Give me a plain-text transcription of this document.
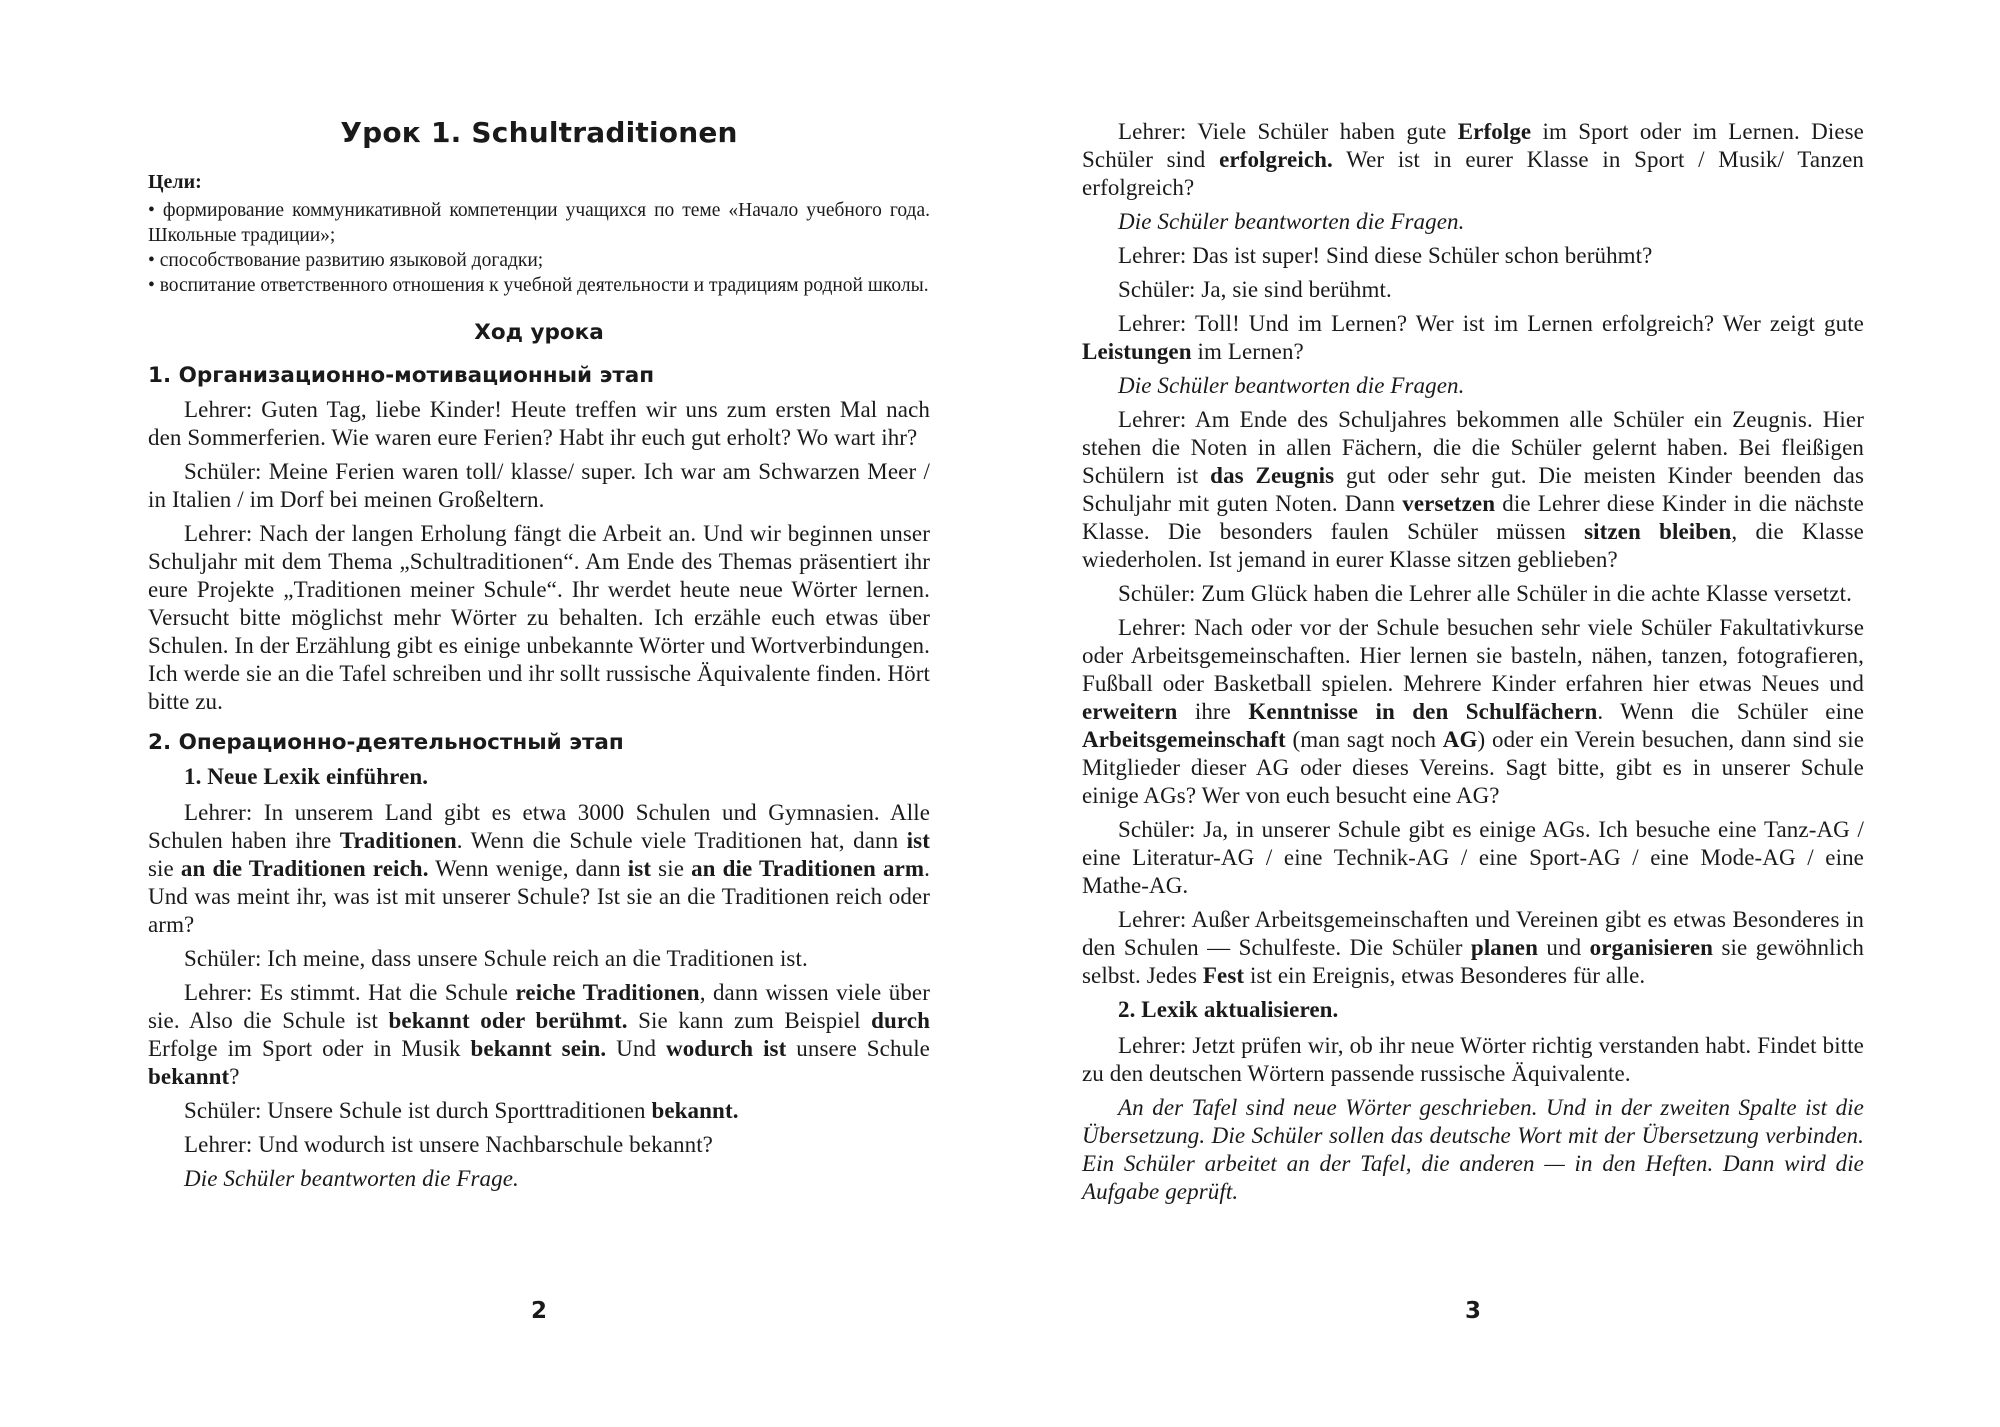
Урок 1. Schultraditionen
Цели:

• формирование коммуникативной компетенции учащихся по теме «Начало учебного года. Школьные традиции»;

• способствование развитию языковой догадки;

• воспитание ответственного отношения к учебной деятельности и традициям родной школы.

Ход урока
1. Организационно-мотивационный этап

Lehrer: Guten Tag, liebe Kinder! Heute treffen wir uns zum ersten Mal nach den Sommerferien. Wie waren eure Ferien? Habt ihr euch gut erholt? Wo wart ihr?

Schüler: Meine Ferien waren toll/ klasse/ super. Ich war am Schwarzen Meer / in Italien / im Dorf bei meinen Großeltern.

Lehrer: Nach der langen Erholung fängt die Arbeit an. Und wir beginnen unser Schuljahr mit dem Thema „Schultraditionen“. Am Ende des Themas präsentiert ihr eure Projekte „Traditionen meiner Schule“. Ihr werdet heute neue Wörter lernen. Versucht bitte möglichst mehr Wörter zu behalten. Ich erzähle euch etwas über Schulen. In der Erzählung gibt es einige unbekannte Wörter und Wortverbindungen. Ich werde sie an die Tafel schreiben und ihr sollt russische Äquivalente finden. Hört bitte zu.

2. Операционно-деятельностный этап

1. Neue Lexik einführen.

Lehrer: In unserem Land gibt es etwa 3000 Schulen und Gymnasien. Alle Schulen haben ihre Traditionen. Wenn die Schule viele Traditionen hat, dann ist sie an die Traditionen reich. Wenn wenige, dann ist sie an die Traditionen arm. Und was meint ihr, was ist mit unserer Schule? Ist sie an die Traditionen reich oder arm?

Schüler: Ich meine, dass unsere Schule reich an die Traditionen ist.

Lehrer: Es stimmt. Hat die Schule reiche Traditionen, dann wissen viele über sie. Also die Schule ist bekannt oder berühmt. Sie kann zum Beispiel durch Erfolge im Sport oder in Musik bekannt sein. Und wodurch ist unsere Schule bekannt?

Schüler: Unsere Schule ist durch Sporttraditionen bekannt.

Lehrer: Und wodurch ist unsere Nachbarschule bekannt?

Die Schüler beantworten die Frage.

2

Lehrer: Viele Schüler haben gute Erfolge im Sport oder im Lernen. Diese Schüler sind erfolgreich. Wer ist in eurer Klasse in Sport / Musik/ Tanzen erfolgreich?

Die Schüler beantworten die Fragen.

Lehrer: Das ist super! Sind diese Schüler schon berühmt?

Schüler: Ja, sie sind berühmt.

Lehrer: Toll! Und im Lernen? Wer ist im Lernen erfolgreich? Wer zeigt gute Leistungen im Lernen?

Die Schüler beantworten die Fragen.

Lehrer: Am Ende des Schuljahres bekommen alle Schüler ein Zeugnis. Hier stehen die Noten in allen Fächern, die die Schüler gelernt haben. Bei fleißigen Schülern ist das Zeugnis gut oder sehr gut. Die meisten Kinder beenden das Schuljahr mit guten Noten. Dann versetzen die Lehrer diese Kinder in die nächste Klasse. Die besonders faulen Schüler müssen sitzen bleiben, die Klasse wiederholen. Ist jemand in eurer Klasse sitzen geblieben?

Schüler: Zum Glück haben die Lehrer alle Schüler in die achte Klasse versetzt.

Lehrer: Nach oder vor der Schule besuchen sehr viele Schüler Fakultativkurse oder Arbeitsgemeinschaften. Hier lernen sie basteln, nähen, tanzen, fotografieren, Fußball oder Basketball spielen. Mehrere Kinder erfahren hier etwas Neues und erweitern ihre Kenntnisse in den Schulfächern. Wenn die Schüler eine Arbeitsgemeinschaft (man sagt noch AG) oder ein Verein besuchen, dann sind sie Mitglieder dieser AG oder dieses Vereins. Sagt bitte, gibt es in unserer Schule einige AGs? Wer von euch besucht eine AG?

Schüler: Ja, in unserer Schule gibt es einige AGs. Ich besuche eine Tanz-AG / eine Literatur-AG / eine Technik-AG / eine Sport-AG / eine Mode-AG / eine Mathe-AG.

Lehrer: Außer Arbeitsgemeinschaften und Vereinen gibt es etwas Besonderes in den Schulen — Schulfeste. Die Schüler planen und organisieren sie gewöhnlich selbst. Jedes Fest ist ein Ereignis, etwas Besonderes für alle.

2. Lexik aktualisieren.

Lehrer: Jetzt prüfen wir, ob ihr neue Wörter richtig verstanden habt. Findet bitte zu den deutschen Wörtern passende russische Äquivalente.

An der Tafel sind neue Wörter geschrieben. Und in der zweiten Spalte ist die Übersetzung. Die Schüler sollen das deutsche Wort mit der Übersetzung verbinden. Ein Schüler arbeitet an der Tafel, die anderen — in den Heften. Dann wird die Aufgabe geprüft.

3
